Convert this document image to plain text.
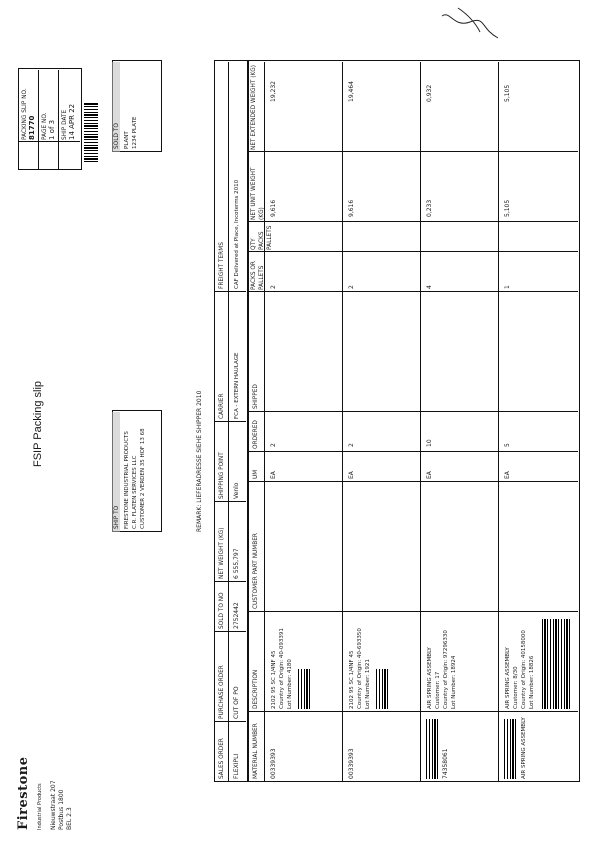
FSIP Packing slip
Firestone Industrial Products Nieuwstraat 207 Postbus 1800 BEL 2.3
PACKING SLIP NO. 81770 PAGE NO. 1 of 3 SHIP DATE 14 APR 22
SHIP TO FIRESTONE INDUSTRIAL PRODUCTS C.R. FLATEN SERVICES LLC CUSTOMER 2 VERDEN 35 HOF 13 68
SOLD TO PLANT 1234 PLATE
SALES ORDER
PURCHASE ORDER
SOLD TO NO
NET WEIGHT (KG)
SHIPPING POINT
CARRIER
FREIGHT TERMS
FLEXIPLI
CUT OF PO
2752442
6 555,797
Venlo
FCA - EXTERN HAULAGE
CAF Delivered at Place, Incoterms 2010
REMARK: LIEFERADRESSE SIEHE SHIPPER 2010
MATERIAL NUMBER
DESCRIPTION
CUSTOMER PART NUMBER
UM
ORDERED
SHIPPED
PACKS OR PALLETS
QTY PACKS PALLETS
NET UNIT WEIGHT (KG)
NET EXTENDED WEIGHT (KG)
00339393
2102 95 SC 1/4NF 45 Country of Origin: 40-093391 Lot Number: 4180
EA
2
2
9,616
19,232
00339393
2102 95 SC 1/4NF 45 Country of Origin: 40-693350 Lot Number: 1921
EA
2
2
9,616
19,464
74358061
AIR SPRING ASSEMBLY Customer: 17 Country of Origin: 97296330 Lot Number: 18924
EA
10
4
0,233
0,932
AIR SPRING ASSEMBLY
AIR SPRING ASSEMBLY Customer: 8/30 Country of Origin: 40158000 Lot Number: 18826
EA
5
1
5,105
5,105
